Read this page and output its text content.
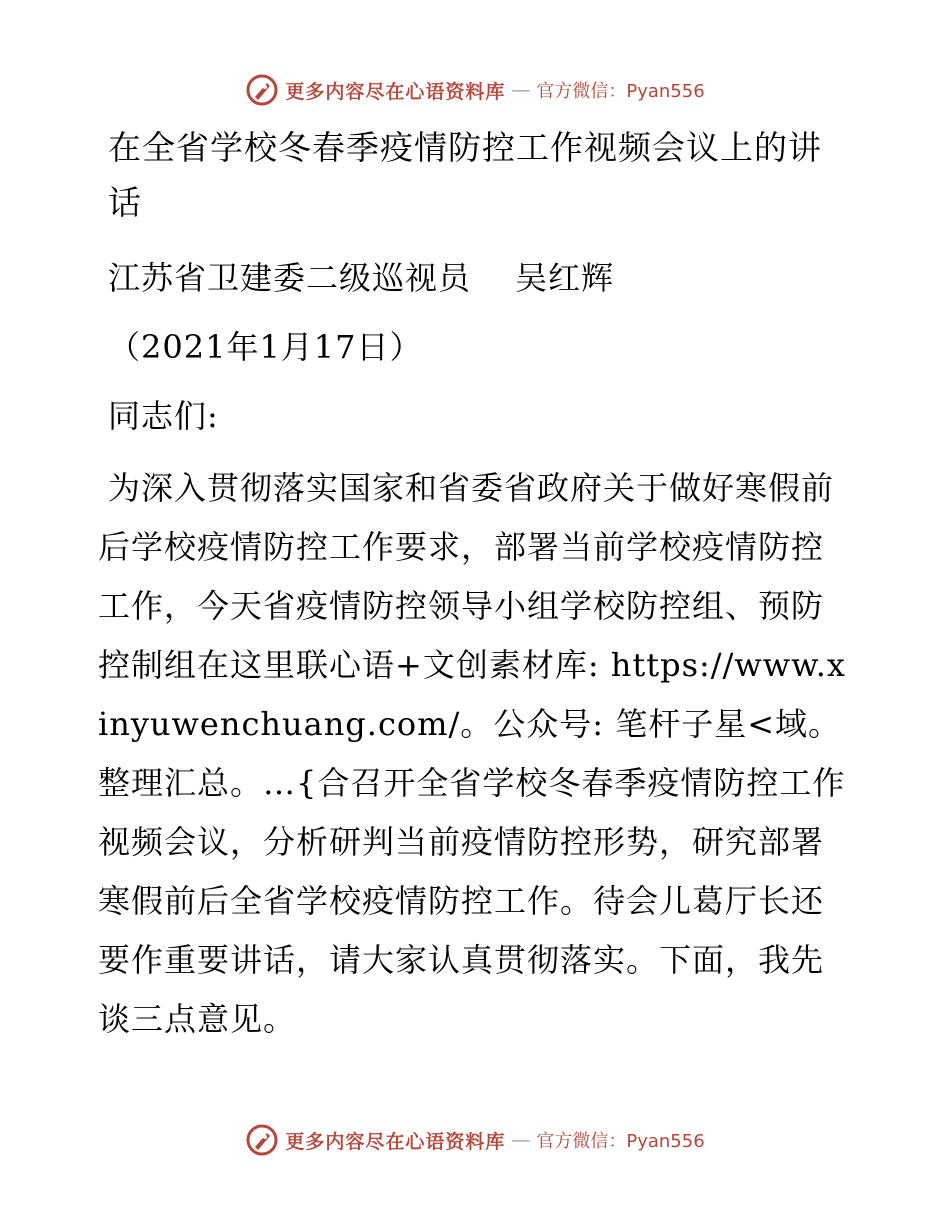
更多内容尽在心语资料库 — 官方微信：Pyan556
在全省学校冬春季疫情防控工作视频会议上的讲话

江苏省卫建委二级巡视员　 吴红辉

（2021年1月17日）

同志们:

为深入贯彻落实国家和省委省政府关于做好寒假前后学校疫情防控工作要求，部署当前学校疫情防控工作，今天省疫情防控领导小组学校防控组、预防控制组在这里联心语+文创素材库: https://www.xinyuwenchuang.com/。公众号: 笔杆子星<域。整理汇总。…{合召开全省学校冬春季疫情防控工作视频会议，分析研判当前疫情防控形势，研究部署寒假前后全省学校疫情防控工作。待会儿葛厅长还要作重要讲话，请大家认真贯彻落实。下面，我先谈三点意见。

更多内容尽在心语资料库 — 官方微信：Pyan556
